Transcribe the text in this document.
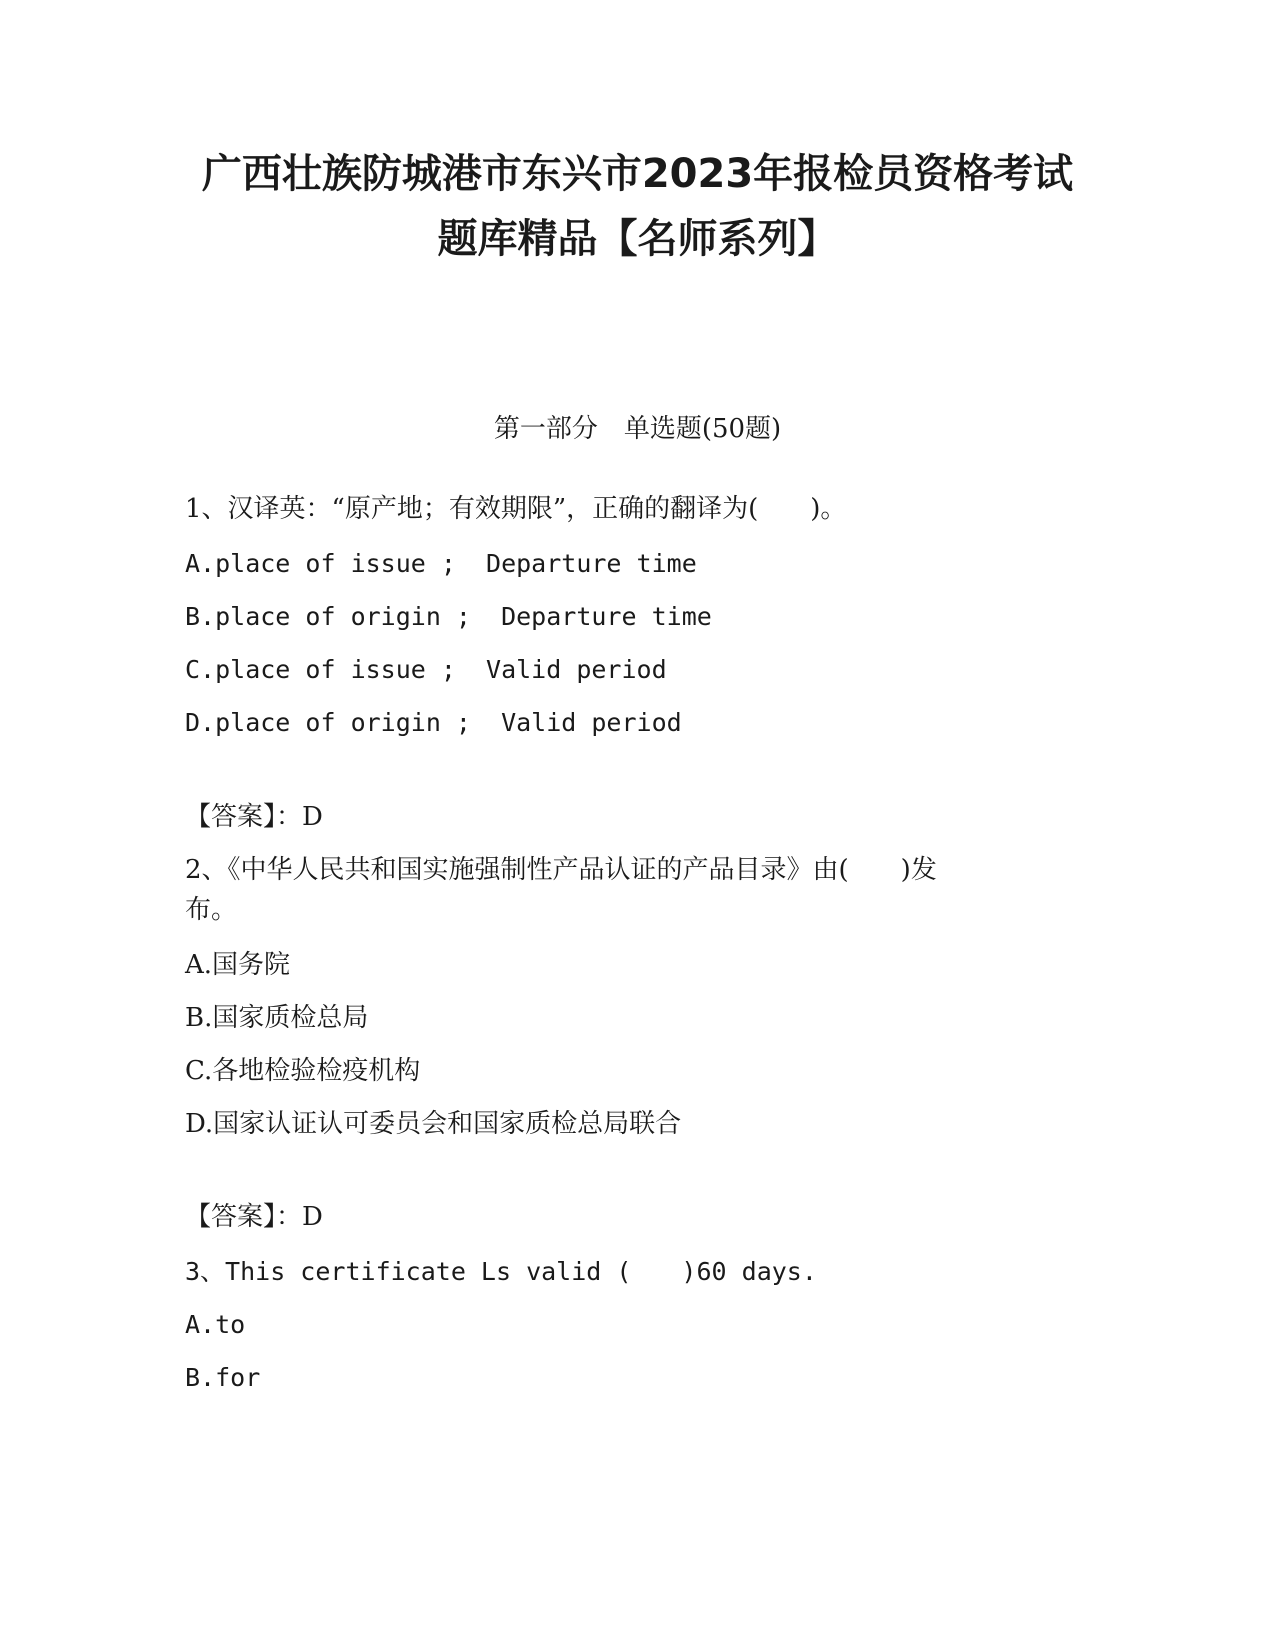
广西壮族防城港市东兴市2023年报检员资格考试
题库精品【名师系列】
第一部分　单选题(50题)

1、汉译英：“原产地；有效期限”，正确的翻译为(　　)。

A.place of issue ;  Departure time

B.place of origin ;  Departure time

C.place of issue ;  Valid period

D.place of origin ;  Valid period

【答案】：D

2、《中华人民共和国实施强制性产品认证的产品目录》由(　　)发

布。

A.国务院

B.国家质检总局

C.各地检验检疫机构

D.国家认证认可委员会和国家质检总局联合

【答案】：D

3、This certificate Ls valid (　　)60 days.

A.to

B.for
